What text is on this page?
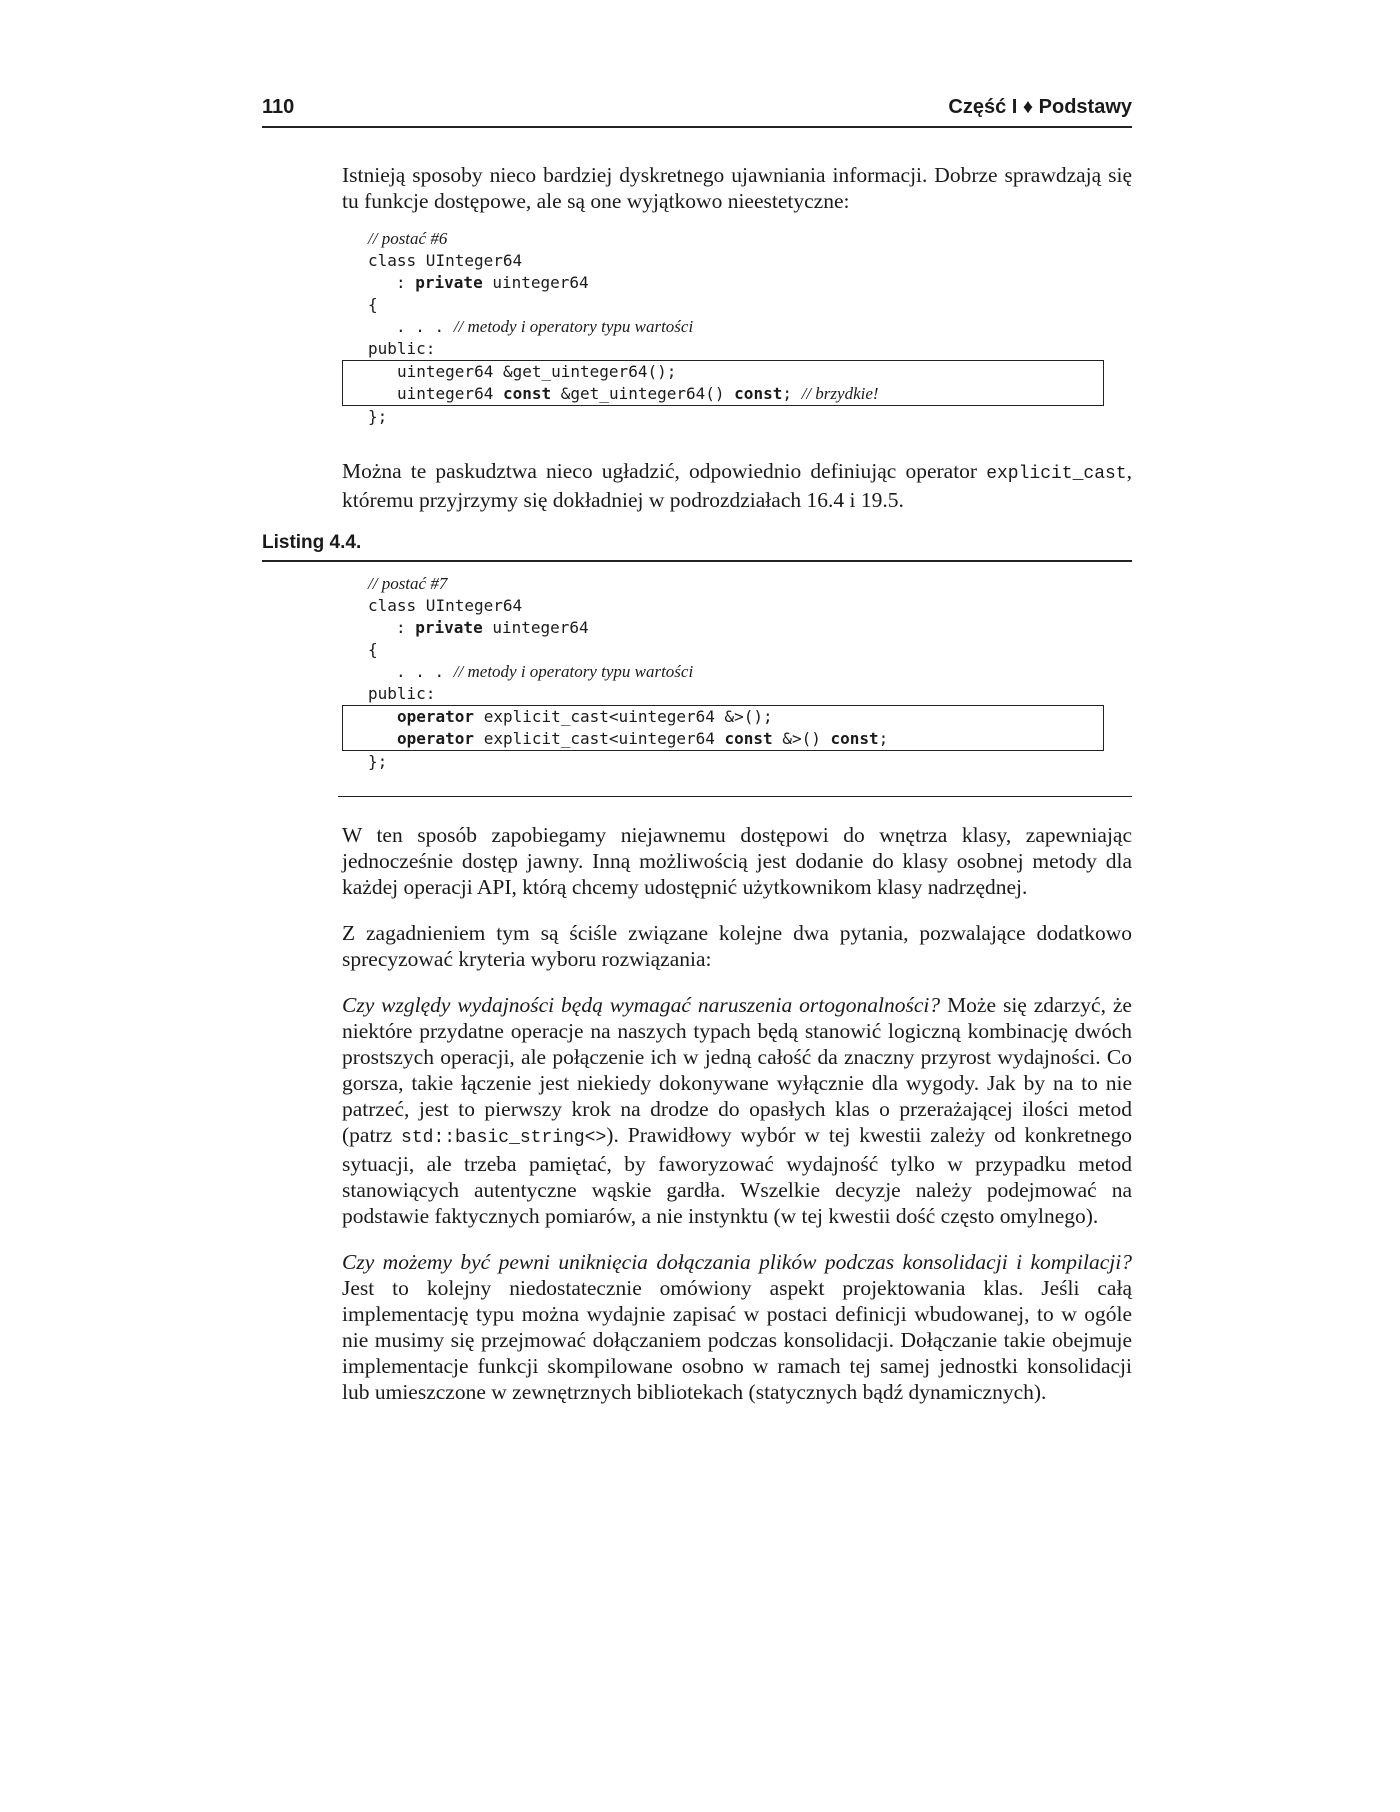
110	Część I ♦ Podstawy

Istnieją sposoby nieco bardziej dyskretnego ujawniania informacji. Dobrze sprawdzają się tu funkcje dostępowe, ale są one wyjątkowo nieestetyczne:

// postać #6
class UInteger64
: private uinteger64
{
. . . // metody i operatory typu wartości
public:
uinteger64 &get_uinteger64();
uinteger64 const &get_uinteger64() const; // brzydkie!
};

Można te paskudztwa nieco ugładzić, odpowiednio definiując operator explicit_cast, któremu przyjrzymy się dokładniej w podrozdziałach 16.4 i 19.5.

Listing 4.4.
// postać #7
class UInteger64
: private uinteger64
{
. . . // metody i operatory typu wartości
public:
operator explicit_cast<uinteger64 &>();
operator explicit_cast<uinteger64 const &>() const;
};

W ten sposób zapobiegamy niejawnemu dostępowi do wnętrza klasy, zapewniając jednocześnie dostęp jawny. Inną możliwością jest dodanie do klasy osobnej metody dla każdej operacji API, którą chcemy udostępnić użytkownikom klasy nadrzędnej.

Z zagadnieniem tym są ściśle związane kolejne dwa pytania, pozwalające dodatkowo sprecyzować kryteria wyboru rozwiązania:

Czy względy wydajności będą wymagać naruszenia ortogonalności? Może się zdarzyć, że niektóre przydatne operacje na naszych typach będą stanowić logiczną kombinację dwóch prostszych operacji, ale połączenie ich w jedną całość da znaczny przyrost wydajności. Co gorsza, takie łączenie jest niekiedy dokonywane wyłącznie dla wygody. Jak by na to nie patrzeć, jest to pierwszy krok na drodze do opasłych klas o przerażającej ilości metod (patrz std::basic_string<>). Prawidłowy wybór w tej kwestii zależy od konkretnego sytuacji, ale trzeba pamiętać, by faworyzować wydajność tylko w przypadku metod stanowiących autentyczne wąskie gardła. Wszelkie decyzje należy podejmować na podstawie faktycznych pomiarów, a nie instynktu (w tej kwestii dość często omylnego).

Czy możemy być pewni uniknięcia dołączania plików podczas konsolidacji i kompilacji? Jest to kolejny niedostatecznie omówiony aspekt projektowania klas. Jeśli całą implementację typu można wydajnie zapisać w postaci definicji wbudowanej, to w ogóle nie musimy się przejmować dołączaniem podczas konsolidacji. Dołączanie takie obejmuje implementacje funkcji skompilowane osobno w ramach tej samej jednostki konsolidacji lub umieszczone w zewnętrznych bibliotekach (statycznych bądź dynamicznych).
